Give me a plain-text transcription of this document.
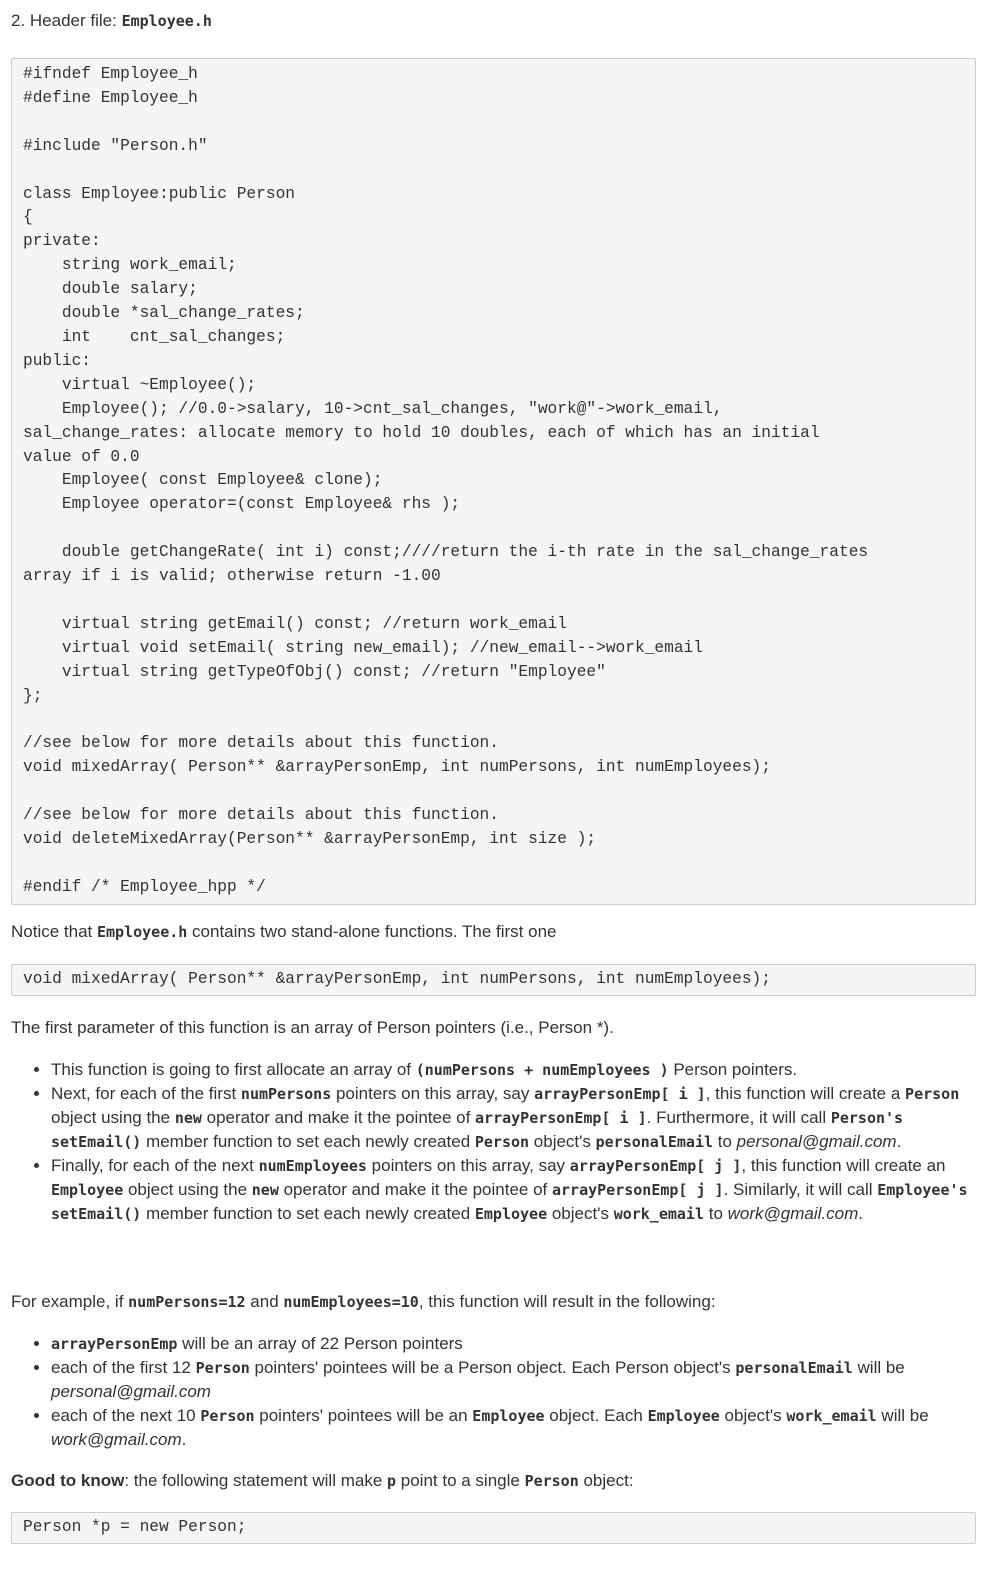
2. Header file: Employee.h
#ifndef Employee_h
#define Employee_h

#include "Person.h"

class Employee:public Person
{
private:
string work_email;
double salary;
double *sal_change_rates;
int    cnt_sal_changes;
public:
virtual ~Employee();
Employee(); //0.0->salary, 10->cnt_sal_changes, "work@"->work_email,
sal_change_rates: allocate memory to hold 10 doubles, each of which has an initial
value of 0.0
Employee( const Employee& clone);
Employee operator=(const Employee& rhs );

double getChangeRate( int i) const;////return the i-th rate in the sal_change_rates
array if i is valid; otherwise return -1.00

virtual string getEmail() const; //return work_email
virtual void setEmail( string new_email); //new_email-->work_email
virtual string getTypeOfObj() const; //return "Employee"
};

//see below for more details about this function.
void mixedArray( Person** &arrayPersonEmp, int numPersons, int numEmployees);

//see below for more details about this function.
void deleteMixedArray(Person** &arrayPersonEmp, int size );

#endif /* Employee_hpp */
Notice that Employee.h contains two stand-alone functions. The first one
void mixedArray( Person** &arrayPersonEmp, int numPersons, int numEmployees);
The first parameter of this function is an array of Person pointers (i.e., Person *).
• This function is going to first allocate an array of (numPersons + numEmployees ) Person pointers.
• Next, for each of the first numPersons pointers on this array, say arrayPersonEmp[ i ], this function will create a Person object using the new operator and make it the pointee of arrayPersonEmp[ i ]. Furthermore, it will call Person's setEmail() member function to set each newly created Person object's personalEmail to personal@gmail.com.
• Finally, for each of the next numEmployees pointers on this array, say arrayPersonEmp[ j ], this function will create an Employee object using the new operator and make it the pointee of arrayPersonEmp[ j ]. Similarly, it will call Employee's setEmail() member function to set each newly created Employee object's work_email to work@gmail.com.
For example, if numPersons=12 and numEmployees=10, this function will result in the following:
• arrayPersonEmp will be an array of 22 Person pointers
• each of the first 12 Person pointers' pointees will be a Person object. Each Person object's personalEmail will be personal@gmail.com
• each of the next 10 Person pointers' pointees will be an Employee object. Each Employee object's work_email will be work@gmail.com.
Good to know: the following statement will make p point to a single Person object:
Person *p = new Person;
